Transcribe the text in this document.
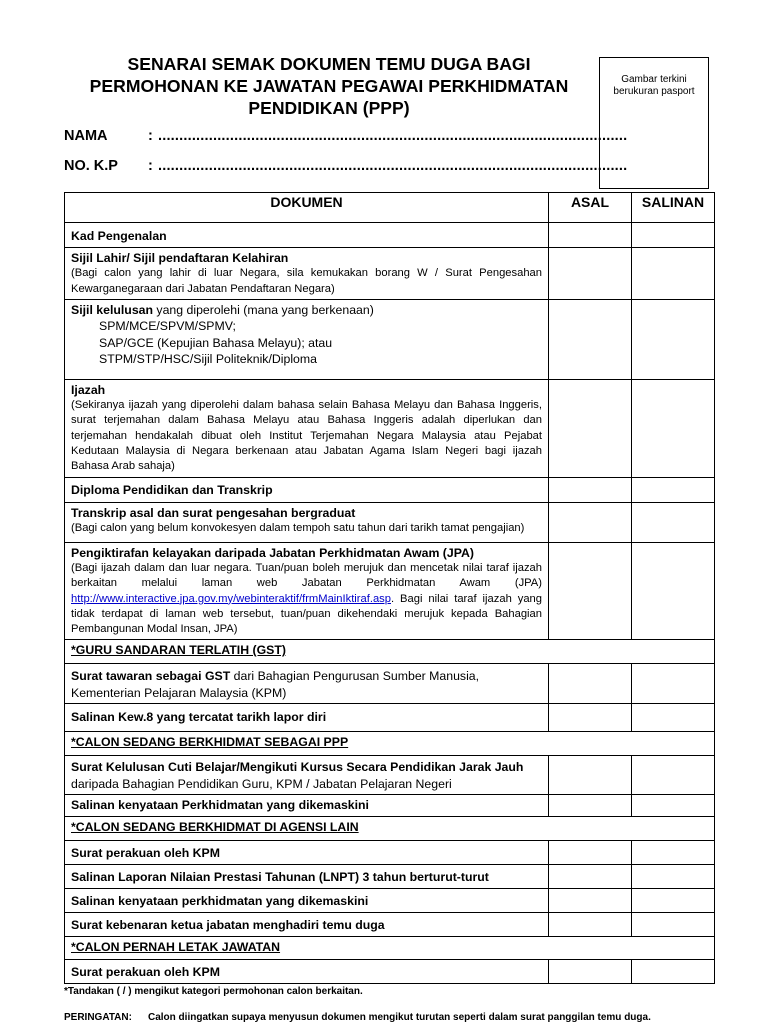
SENARAI SEMAK DOKUMEN TEMU DUGA BAGI
PERMOHONAN KE JAWATAN PEGAWAI PERKHIDMATAN
PENDIDIKAN (PPP)
Gambar terkini
berukuran pasport
NAMA	: ...............................................................................................................
NO. K.P	: ...............................................................................................................
DOKUMEN	ASAL	SALINAN

Kad Pengenalan		

Sijil Lahir/ Sijil pendaftaran Kelahiran
(Bagi calon yang lahir di luar Negara, sila kemukakan borang W / Surat Pengesahan Kewarganegaraan dari Jabatan Pendaftaran Negara)		

Sijil kelulusan yang diperolehi (mana yang berkenaan)
SPM/MCE/SPVM/SPMV;
SAP/GCE (Kepujian Bahasa Melayu); atau
STPM/STP/HSC/Sijil Politeknik/Diploma		

Ijazah
(Sekiranya ijazah yang diperolehi dalam bahasa selain Bahasa Melayu dan Bahasa Inggeris, surat terjemahan dalam Bahasa Melayu atau Bahasa Inggeris adalah diperlukan dan terjemahan hendakalah dibuat oleh Institut Terjemahan Negara Malaysia atau Pejabat Kedutaan Malaysia di Negara berkenaan atau Jabatan Agama Islam Negeri bagi ijazah Bahasa Arab sahaja)		

Diploma Pendidikan dan Transkrip		

Transkrip asal dan surat pengesahan bergraduat
(Bagi calon yang belum konvokesyen dalam tempoh satu tahun dari tarikh tamat pengajian)		

Pengiktirafan kelayakan daripada Jabatan Perkhidmatan Awam (JPA)
(Bagi ijazah dalam dan luar negara. Tuan/puan boleh merujuk dan mencetak nilai taraf ijazah berkaitan melalui laman web Jabatan Perkhidmatan Awam (JPA) http://www.interactive.jpa.gov.my/webinteraktif/frmMainIktiraf.asp. Bagi nilai taraf ijazah yang tidak terdapat di laman web tersebut, tuan/puan dikehendaki merujuk kepada Bahagian Pembangunan Modal Insan, JPA)		

*GURU SANDARAN TERLATIH (GST)		
Surat tawaran sebagai GST dari Bahagian Pengurusan Sumber Manusia, Kementerian Pelajaran Malaysia (KPM)		

Salinan Kew.8 yang tercatat tarikh lapor diri		

*CALON SEDANG BERKHIDMAT SEBAGAI PPP		
Surat Kelulusan Cuti Belajar/Mengikuti Kursus Secara Pendidikan Jarak Jauh daripada Bahagian Pendidikan Guru, KPM / Jabatan Pelajaran Negeri		

Salinan kenyataan Perkhidmatan yang dikemaskini		

*CALON SEDANG BERKHIDMAT DI AGENSI LAIN		

Surat perakuan oleh KPM		

Salinan Laporan Nilaian Prestasi Tahunan (LNPT) 3 tahun berturut-turut		

Salinan kenyataan perkhidmatan yang dikemaskini		

Surat kebenaran ketua jabatan menghadiri temu duga		

*CALON PERNAH LETAK JAWATAN		

Surat perakuan oleh KPM		

*Tandakan ( / ) mengikut kategori permohonan calon berkaitan.
PERINGATAN: Calon diingatkan supaya menyusun dokumen mengikut turutan seperti dalam surat panggilan temu duga.
